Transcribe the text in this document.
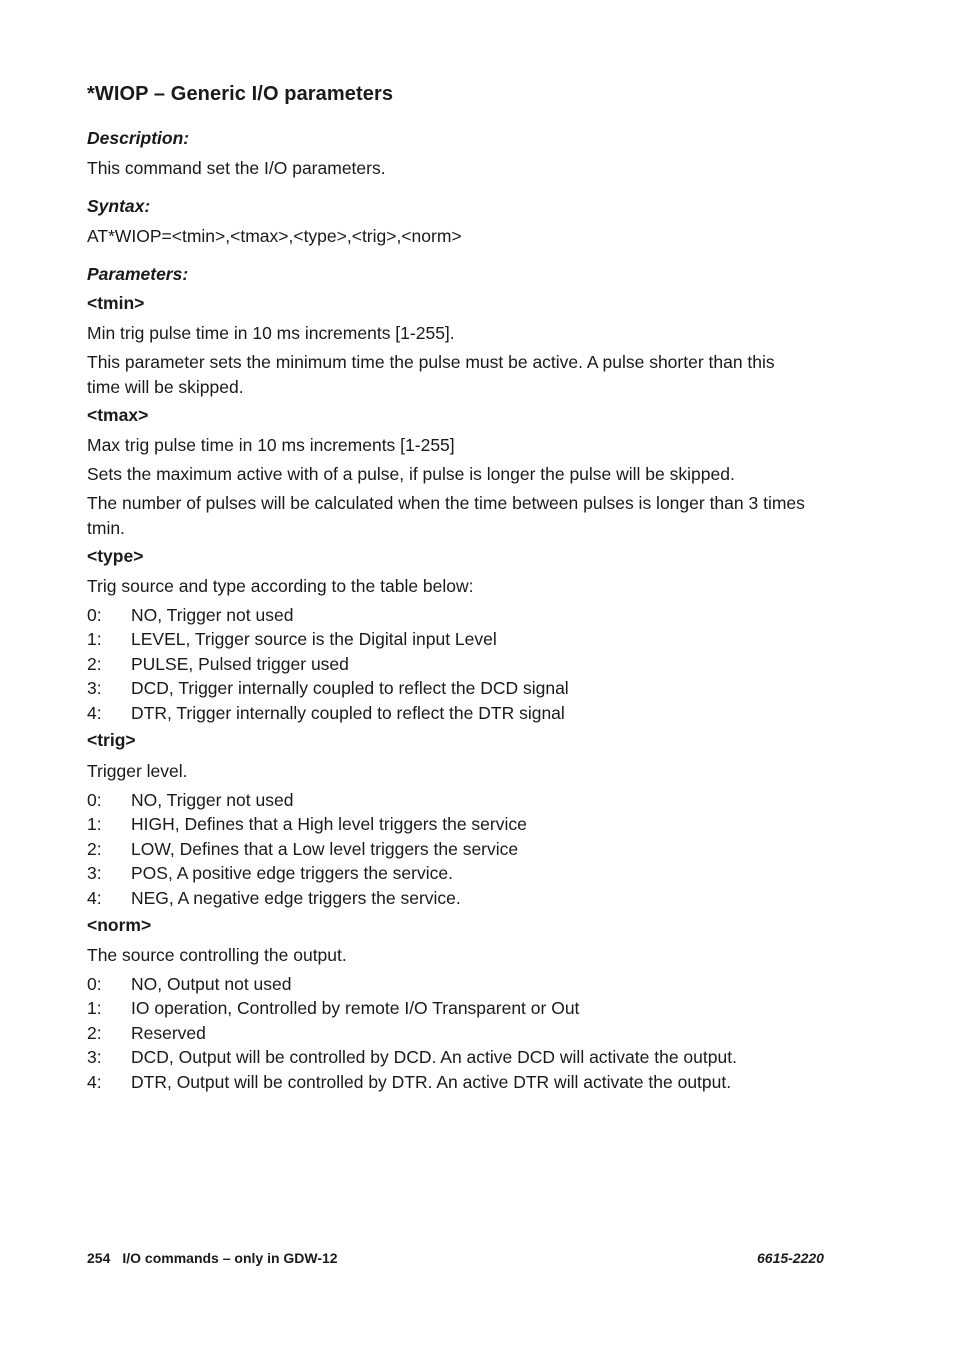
*WIOP – Generic I/O parameters
Description:
This command set the I/O parameters.
Syntax:
AT*WIOP=<tmin>,<tmax>,<type>,<trig>,<norm>
Parameters:
<tmin>
Min trig pulse time in 10 ms increments [1-255].
This parameter sets the minimum time the pulse must be active. A pulse shorter than this time will be skipped.
<tmax>
Max trig pulse time in 10 ms increments [1-255]
Sets the maximum active with of a pulse, if pulse is longer the pulse will be skipped.
The number of pulses will be calculated when the time between pulses is longer than 3 times tmin.
<type>
Trig source and type according to the table below:
0: NO, Trigger not used
1: LEVEL, Trigger source is the Digital input Level
2: PULSE, Pulsed trigger used
3: DCD, Trigger internally coupled to reflect the DCD signal
4: DTR, Trigger internally coupled to reflect the DTR signal
<trig>
Trigger level.
0: NO, Trigger not used
1: HIGH, Defines that a High level triggers the service
2: LOW, Defines that a Low level triggers the service
3: POS, A positive edge triggers the service.
4: NEG, A negative edge triggers the service.
<norm>
The source controlling the output.
0: NO, Output not used
1: IO operation, Controlled by remote I/O Transparent or Out
2: Reserved
3: DCD, Output will be controlled by DCD. An active DCD will activate the output.
4: DTR, Output will be controlled by DTR. An active DTR will activate the output.
254 I/O commands – only in GDW-12	6615-2220
